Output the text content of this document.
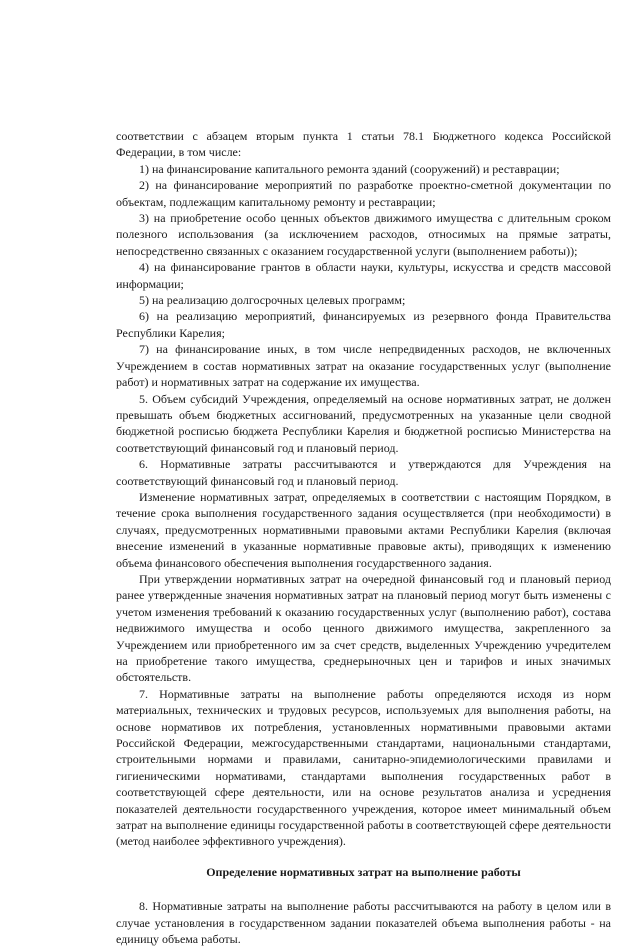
соответствии с абзацем вторым пункта 1 статьи 78.1 Бюджетного кодекса Российской Федерации, в том числе:

1) на финансирование капитального ремонта зданий (сооружений) и реставрации;

2) на финансирование мероприятий по разработке проектно-сметной документации по объектам, подлежащим капитальному ремонту и реставрации;

3) на приобретение особо ценных объектов движимого имущества с длительным сроком полезного использования (за исключением расходов, относимых на прямые затраты, непосредственно связанных с оказанием государственной услуги (выполнением работы));

4) на финансирование грантов в области науки, культуры, искусства и средств массовой информации;

5) на реализацию долгосрочных целевых программ;

6) на реализацию мероприятий, финансируемых из резервного фонда Правительства Республики Карелия;

7) на финансирование иных, в том числе непредвиденных расходов, не включенных Учреждением в состав нормативных затрат на оказание государственных услуг (выполнение работ) и нормативных затрат на содержание их имущества.

5. Объем субсидий Учреждения, определяемый на основе нормативных затрат, не должен превышать объем бюджетных ассигнований, предусмотренных на указанные цели сводной бюджетной росписью бюджета Республики Карелия и бюджетной росписью Министерства на соответствующий финансовый год и плановый период.

6. Нормативные затраты рассчитываются и утверждаются для Учреждения на соответствующий финансовый год и плановый период.

Изменение нормативных затрат, определяемых в соответствии с настоящим Порядком, в течение срока выполнения государственного задания осуществляется (при необходимости) в случаях, предусмотренных нормативными правовыми актами Республики Карелия (включая внесение изменений в указанные нормативные правовые акты), приводящих к изменению объема финансового обеспечения выполнения государственного задания.

При утверждении нормативных затрат на очередной финансовый год и плановый период ранее утвержденные значения нормативных затрат на плановый период могут быть изменены с учетом изменения требований к оказанию государственных услуг (выполнению работ), состава недвижимого имущества и особо ценного движимого имущества, закрепленного за Учреждением или приобретенного им за счет средств, выделенных Учреждению учредителем на приобретение такого имущества, среднерыночных цен и тарифов и иных значимых обстоятельств.

7. Нормативные затраты на выполнение работы определяются исходя из норм материальных, технических и трудовых ресурсов, используемых для выполнения работы, на основе нормативов их потребления, установленных нормативными правовыми актами Российской Федерации, межгосударственными стандартами, национальными стандартами, строительными нормами и правилами, санитарно-эпидемиологическими правилами и гигиеническими нормативами, стандартами выполнения государственных работ в соответствующей сфере деятельности, или на основе результатов анализа и усреднения показателей деятельности государственного учреждения, которое имеет минимальный объем затрат на выполнение единицы государственной работы в соответствующей сфере деятельности (метод наиболее эффективного учреждения).

Определение нормативных затрат на выполнение работы

8. Нормативные затраты на выполнение работы рассчитываются на работу в целом или в случае установления в государственном задании показателей объема выполнения работы - на единицу объема работы.
